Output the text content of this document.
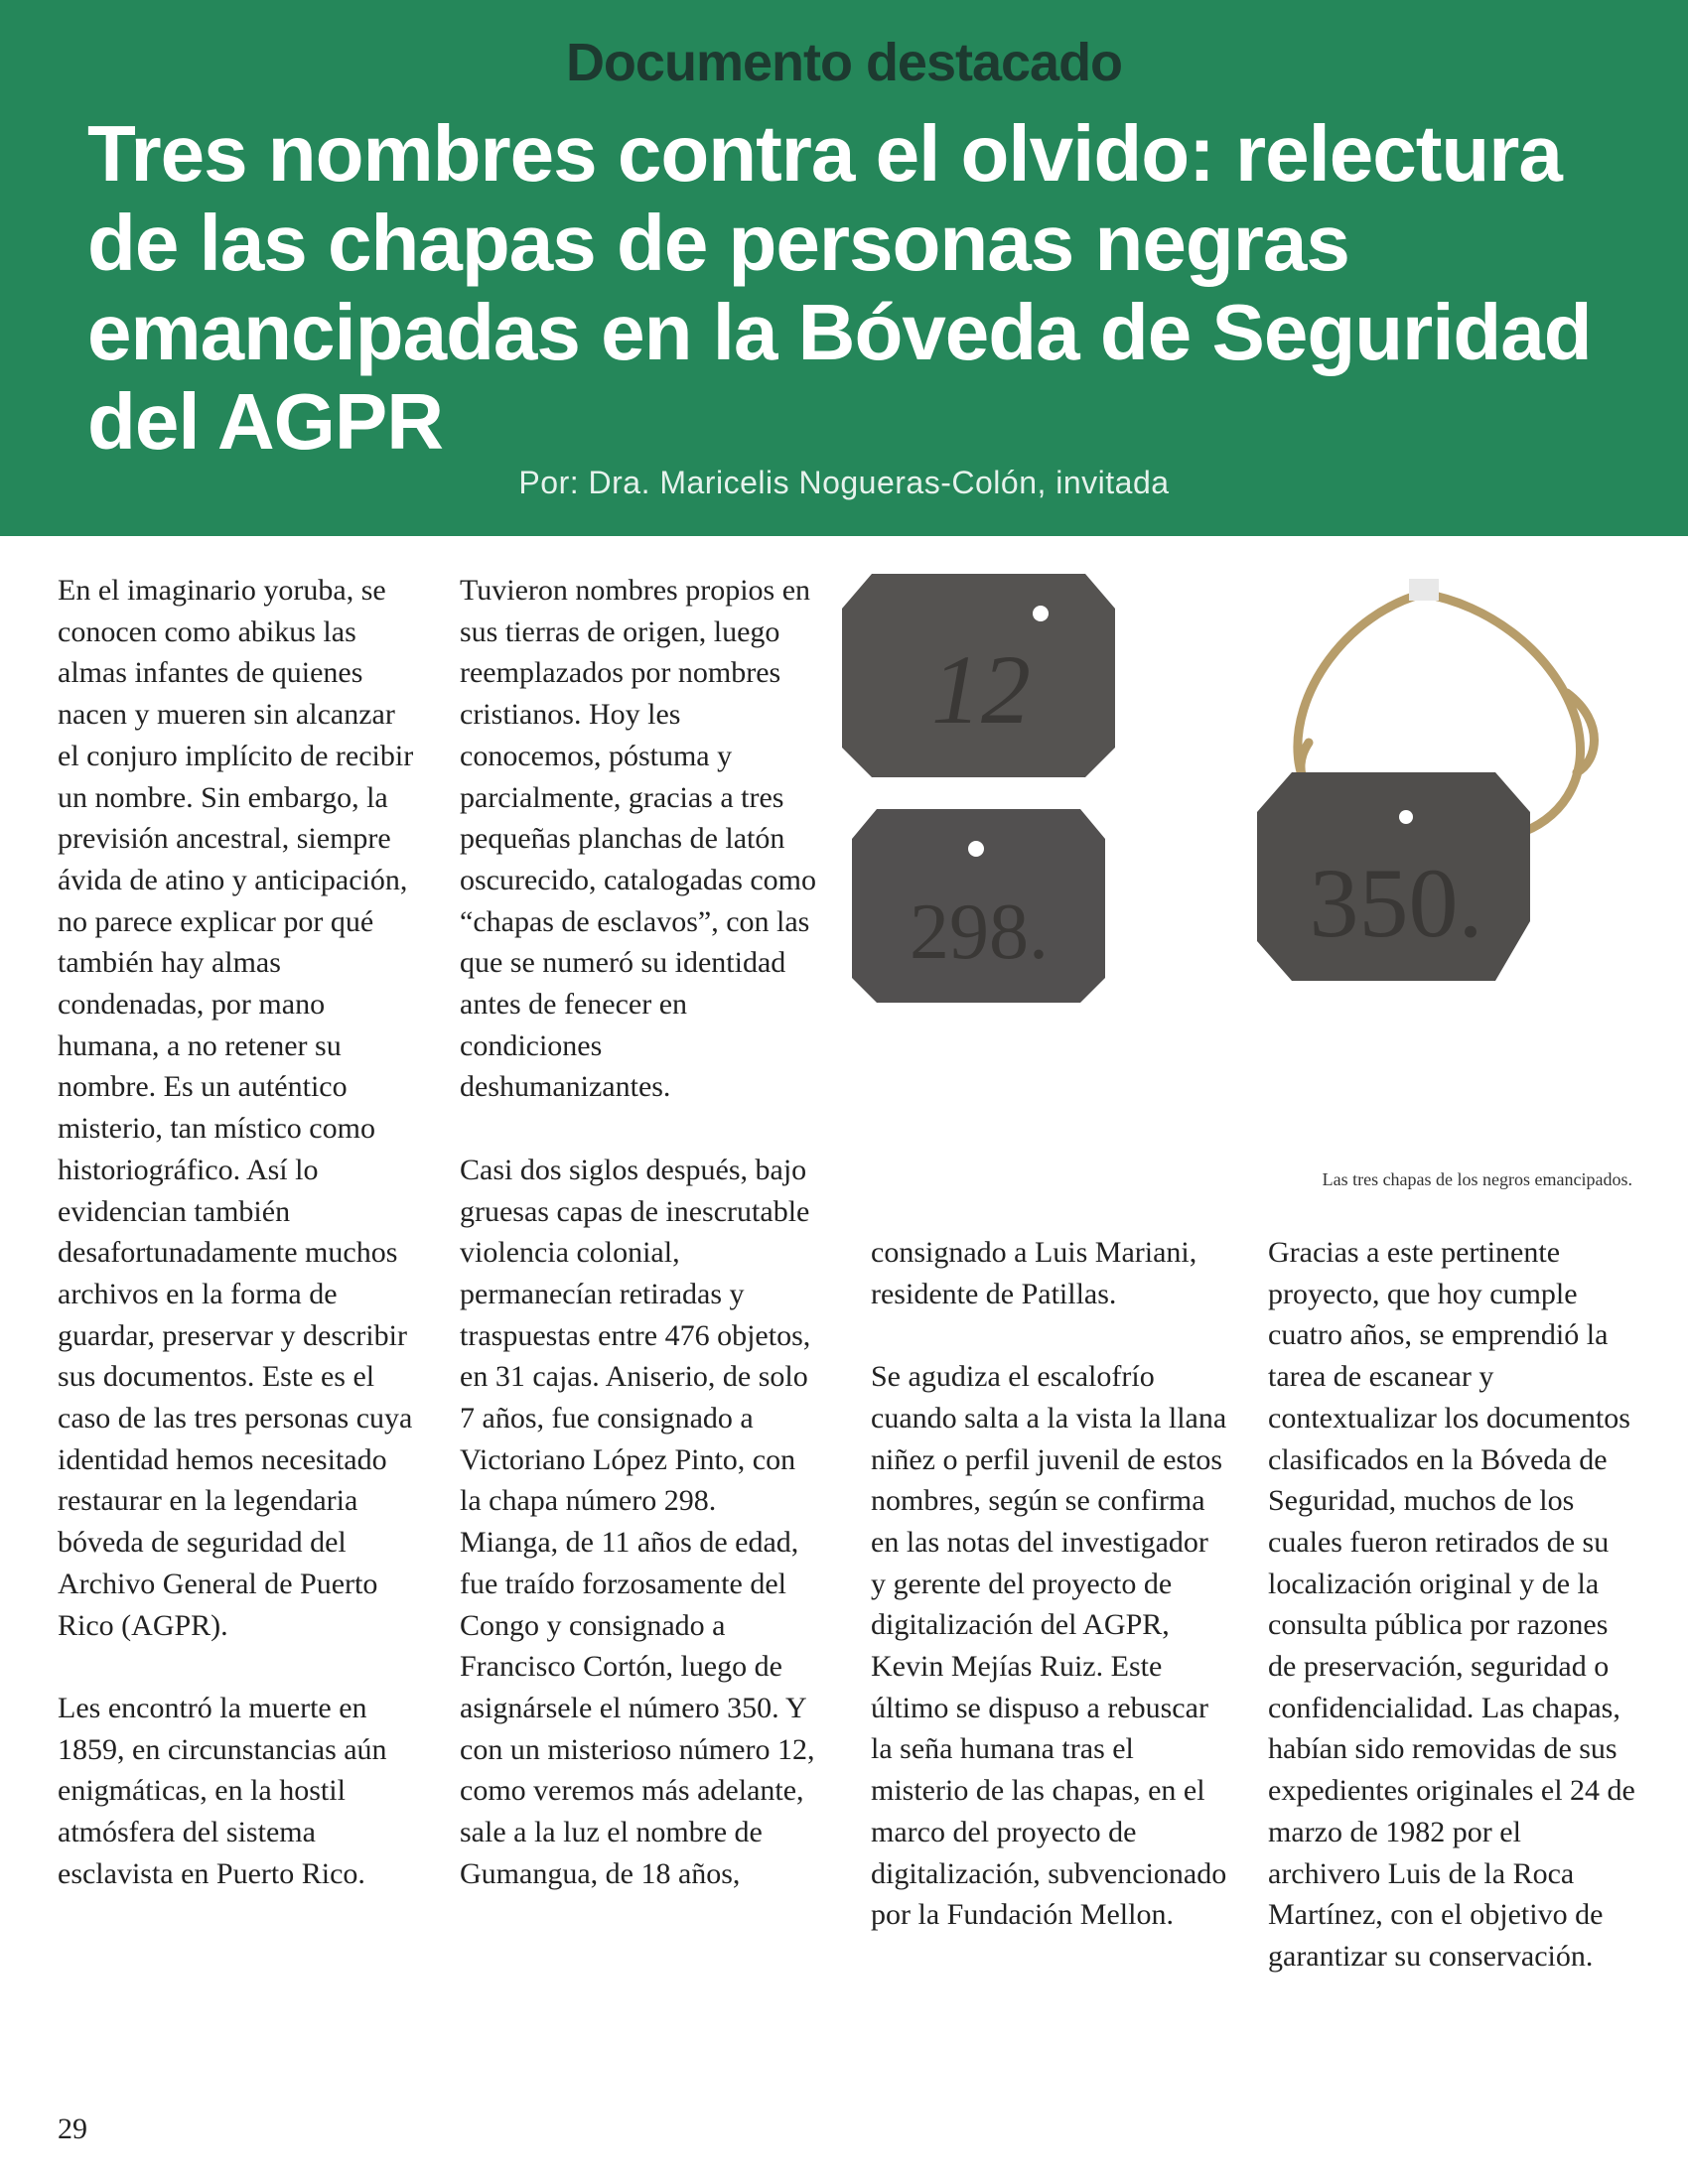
Documento destacado
Tres nombres contra el olvido: relectura de las chapas de personas negras emancipadas en la Bóveda de Seguridad del AGPR
Por: Dra. Maricelis Nogueras-Colón, invitada

En el imaginario yoruba, se conocen como abikus las almas infantes de quienes nacen y mueren sin alcanzar el conjuro implícito de recibir un nombre. Sin embargo, la previsión ancestral, siempre ávida de atino y anticipación, no parece explicar por qué también hay almas condenadas, por mano humana, a no retener su nombre. Es un auténtico misterio, tan místico como historiográfico. Así lo evidencian también desafortunadamente muchos archivos en la forma de guardar, preservar y describir sus documentos. Este es el caso de las tres personas cuya identidad hemos necesitado restaurar en la legendaria bóveda de seguridad del Archivo General de Puerto Rico (AGPR).

Les encontró la muerte en 1859, en circunstancias aún enigmáticas, en la hostil atmósfera del sistema esclavista en Puerto Rico.

Tuvieron nombres propios en sus tierras de origen, luego reemplazados por nombres cristianos. Hoy les conocemos, póstuma y parcialmente, gracias a tres pequeñas planchas de latón oscurecido, catalogadas como “chapas de esclavos”, con las que se numeró su identidad antes de fenecer en condiciones deshumanizantes.

Casi dos siglos después, bajo gruesas capas de inescrutable violencia colonial, permanecían retiradas y traspuestas entre 476 objetos, en 31 cajas. Aniserio, de solo 7 años, fue consignado a Victoriano López Pinto, con la chapa número 298. Mianga, de 11 años de edad, fue traído forzosamente del Congo y consignado a Francisco Cortón, luego de asignársele el número 350. Y con un misterioso número 12, como veremos más adelante, sale a la luz el nombre de Gumangua, de 18 años,

12
298.	350.
Las tres chapas de los negros emancipados.

consignado a Luis Mariani, residente de Patillas.

Se agudiza el escalofrío cuando salta a la vista la llana niñez o perfil juvenil de estos nombres, según se confirma en las notas del investigador y gerente del proyecto de digitalización del AGPR, Kevin Mejías Ruiz. Este último se dispuso a rebuscar la seña humana tras el misterio de las chapas, en el marco del proyecto de digitalización, subvencionado por la Fundación Mellon.

Gracias a este pertinente proyecto, que hoy cumple cuatro años, se emprendió la tarea de escanear y contextualizar los documentos clasificados en la Bóveda de Seguridad, muchos de los cuales fueron retirados de su localización original y de la consulta pública por razones de preservación, seguridad o confidencialidad. Las chapas, habían sido removidas de sus expedientes originales el 24 de marzo de 1982 por el archivero Luis de la Roca Martínez, con el objetivo de garantizar su conservación.

29
